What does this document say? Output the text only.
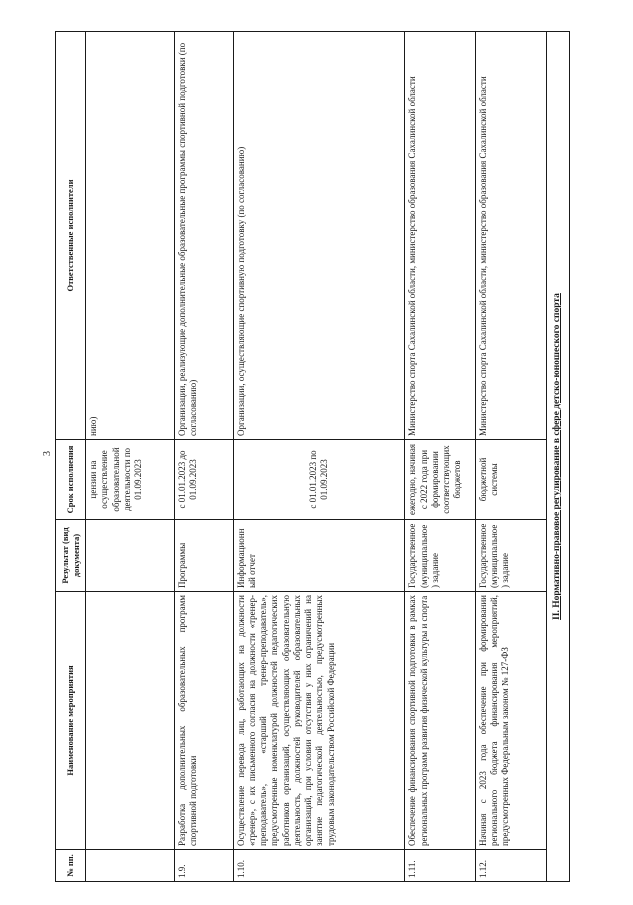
3
№ пп.	Наименование мероприятия	Результат (вид документа)	Срок исполнения	Ответственные исполнители
			цензии на осуществление образовательной деятельности по 01.09.2023	нию)
1.9.	Разработка дополнительных образовательных программ спортивной подготовки	Программы	с 01.01.2023 до 01.09.2023	Организации, реализующие дополнительные образовательные программы спортивной подготовки (по согласованию)
1.10.	Осуществление перевода лиц, работающих на должности «тренер», с их письменного согласия на должности «тренер-преподаватель», «старший тренер-преподаватель», предусмотренные номенклатурой должностей педагогических работников организаций, осуществляющих образовательную деятельность, должностей руководителей образовательных организаций, при условии отсутствия у них ограничений на занятие педагогической деятельностью, предусмотренных трудовым законодательством Российской Федерации	Информационный отчет	с 01.01.2023 по 01.09.2023	Организации, осуществляющие спортивную подготовку (по согласованию)
1.11.	Обеспечение финансирования спортивной подготовки в рамках региональных программ развития физической культуры и спорта	Государственное (муниципальное) задание	ежегодно, начиная с 2022 года при формировании соответствующих бюджетов	Министерство спорта Сахалинской области, министерство образования Сахалинской области
1.12.	Начиная с 2023 года обеспечение при формировании регионального бюджета финансирования мероприятий, предусмотренных Федеральным законом № 127-ФЗ	Государственное (муниципальное) задание	бюджетной системы	Министерство спорта Сахалинской области, министерство образования Сахалинской области
II. Нормативно-правовое регулирование в сфере детско-юношеского спорта				
